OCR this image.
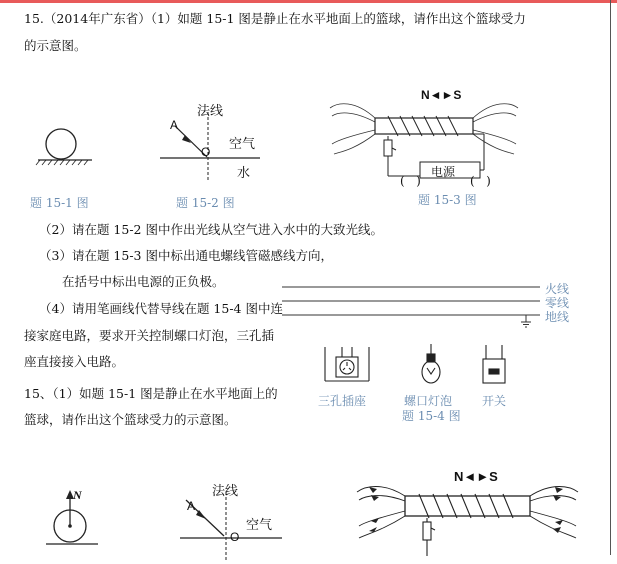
15.（2014年广东省）（1）如题 15-1 图是静止在水平地面上的篮球，请作出这个篮球受力
的示意图。
题 15-1 图
法线
A
O 空气
水
题 15-2 图
N◄►S
电源
(   )	(   )
题 15-3 图
（2）请在题 15-2 图中作出光线从空气进入水中的大致光线。
（3）请在题 15-3 图中标出通电螺线管磁感线方向，
在括号中标出电源的正负极。	火线
零线
地线
（4）请用笔画线代替导线在题 15-4 图中连
接家庭电路，要求开关控制螺口灯泡，三孔插
座直接接入电路。
三孔插座	螺口灯泡 开关
题 15-4 图
15、（1）如题 15-1 图是静止在水平地面上的
篮球，请作出这个篮球受力的示意图。
N	法线
A
空气
O
N◄►S
